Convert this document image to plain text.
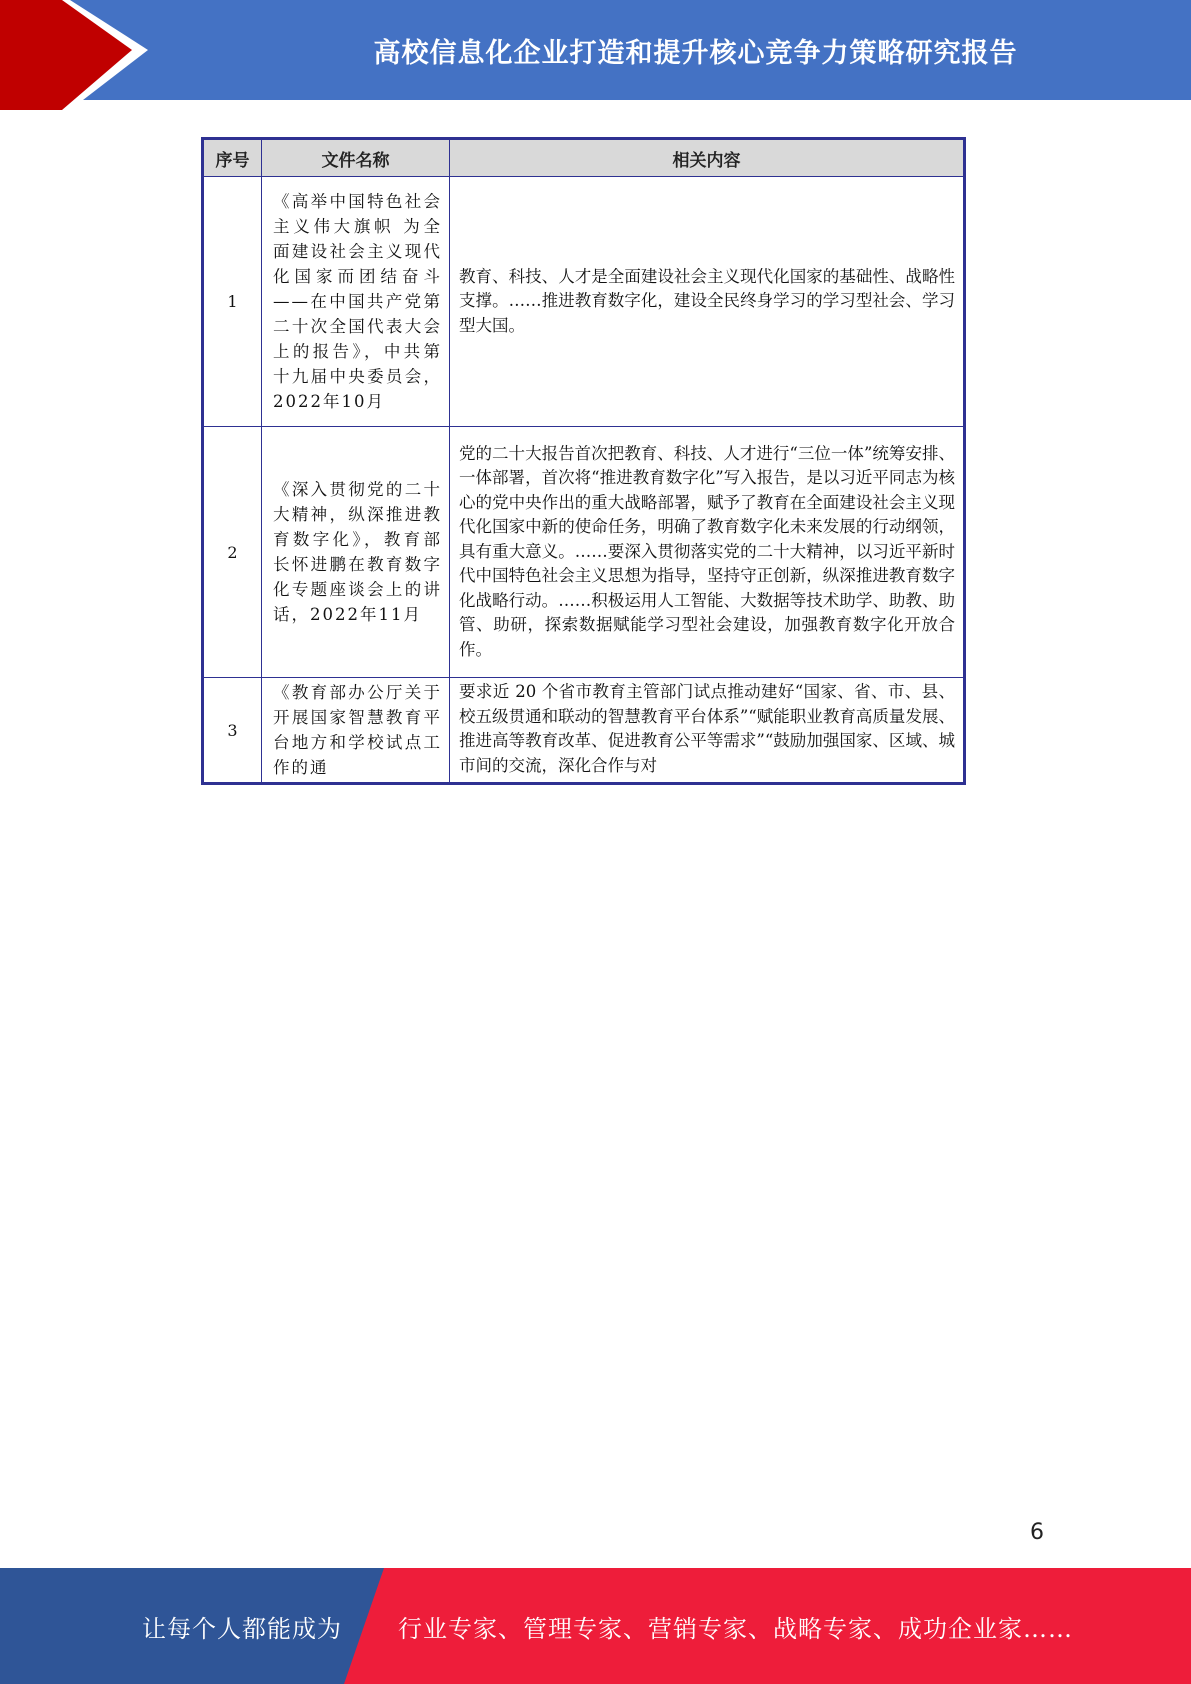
高校信息化企业打造和提升核心竞争力策略研究报告
序号	文件名称	相关内容
1	《高举中国特色社会主义伟大旗帜 为全面建设社会主义现代化国家而团结奋斗——在中国共产党第二十次全国代表大会上的报告》，中共第十九届中央委员会，2022年10月	教育、科技、人才是全面建设社会主义现代化国家的基础性、战略性支撑。……推进教育数字化，建设全民终身学习的学习型社会、学习型大国。
2	《深入贯彻党的二十大精神，纵深推进教育数字化》，教育部长怀进鹏在教育数字化专题座谈会上的讲话，2022年11月	党的二十大报告首次把教育、科技、人才进行“三位一体”统筹安排、一体部署，首次将“推进教育数字化”写入报告，是以习近平同志为核心的党中央作出的重大战略部署，赋予了教育在全面建设社会主义现代化国家中新的使命任务，明确了教育数字化未来发展的行动纲领，具有重大意义。……要深入贯彻落实党的二十大精神，以习近平新时代中国特色社会主义思想为指导，坚持守正创新，纵深推进教育数字化战略行动。……积极运用人工智能、大数据等技术助学、助教、助管、助研，探索数据赋能学习型社会建设，加强教育数字化开放合作。
3	《教育部办公厅关于开展国家智慧教育平台地方和学校试点工作的通	要求近 20 个省市教育主管部门试点推动建好“国家、省、市、县、校五级贯通和联动的智慧教育平台体系”“赋能职业教育高质量发展、推进高等教育改革、促进教育公平等需求”“鼓励加强国家、区域、城市间的交流，深化合作与对
6
让每个人都能成为 行业专家、管理专家、营销专家、战略专家、成功企业家……
